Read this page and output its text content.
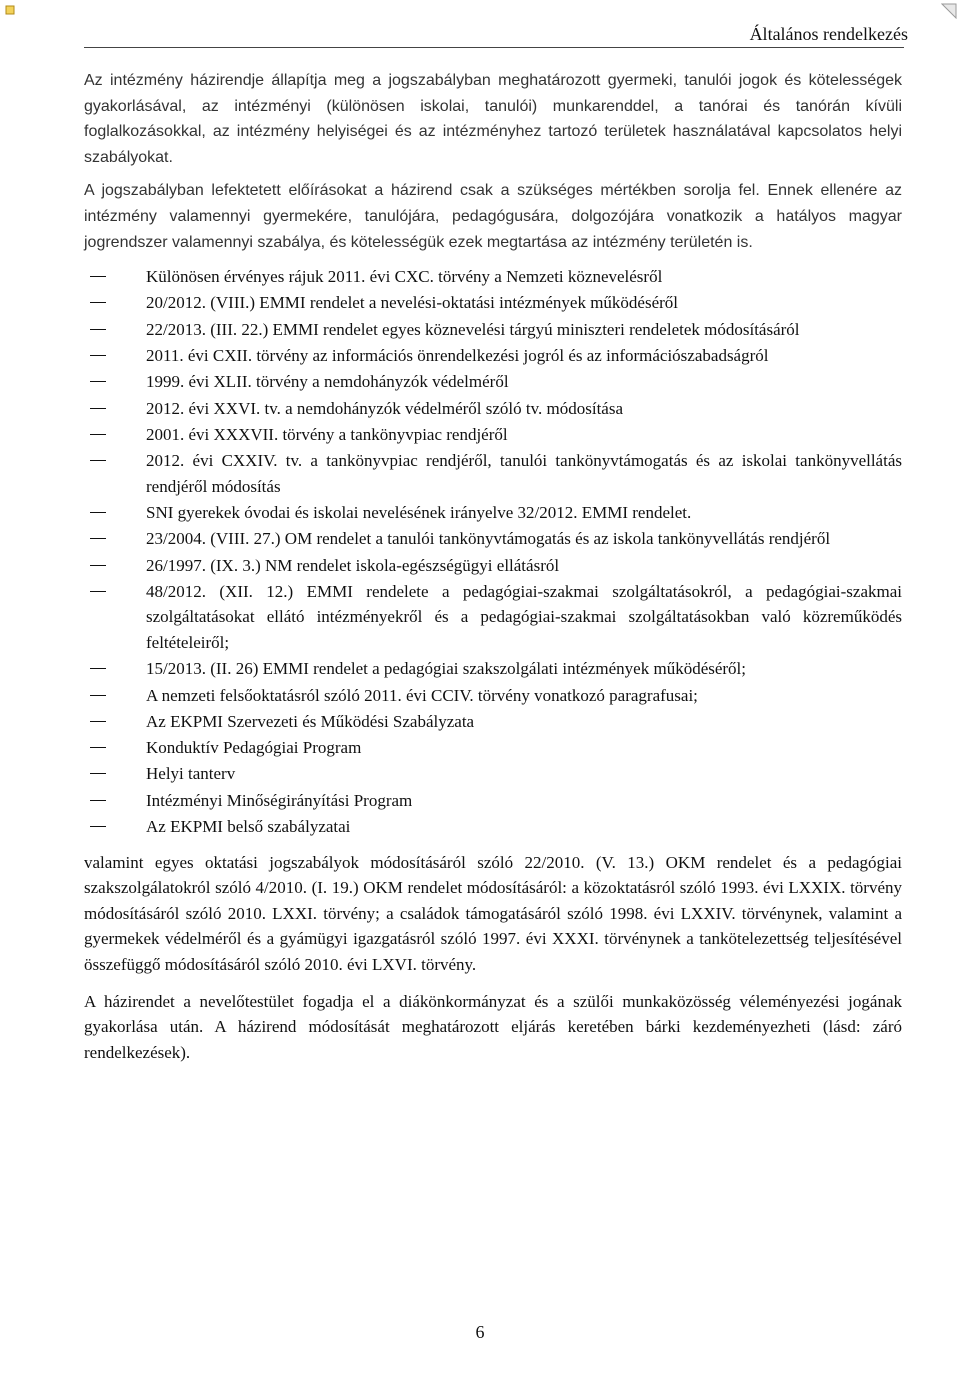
Általános rendelkezés

Az intézmény házirendje állapítja meg a jogszabályban meghatározott gyermeki, tanulói jogok és kötelességek gyakorlásával, az intézményi (különösen iskolai, tanulói) munkarenddel, a tanórai és tanórán kívüli foglalkozásokkal, az intézmény helyiségei és az intézményhez tartozó területek használatával kapcsolatos helyi szabályokat.

A jogszabályban lefektetett előírásokat a házirend csak a szükséges mértékben sorolja fel. Ennek ellenére az intézmény valamennyi gyermekére, tanulójára, pedagógusára, dolgozójára vonatkozik a hatályos magyar jogrendszer valamennyi szabálya, és kötelességük ezek megtartása az intézmény területén is.

Különösen érvényes rájuk 2011. évi CXC. törvény a Nemzeti köznevelésről
20/2012. (VIII.) EMMI rendelet a nevelési-oktatási intézmények működéséről
22/2013. (III. 22.) EMMI rendelet egyes köznevelési tárgyú miniszteri rendeletek módosításáról
2011. évi CXII. törvény az információs önrendelkezési jogról és az információszabadságról
1999. évi XLII. törvény a nemdohányzók védelméről
2012. évi XXVI. tv. a nemdohányzók védelméről szóló tv. módosítása
2001. évi XXXVII. törvény a tankönyvpiac rendjéről
2012. évi CXXIV. tv. a tankönyvpiac rendjéről, tanulói tankönyvtámogatás és az iskolai tankönyvellátás rendjéről módosítás
SNI gyerekek óvodai és iskolai nevelésének irányelve 32/2012. EMMI rendelet.
23/2004. (VIII. 27.) OM rendelet a tanulói tankönyvtámogatás és az iskola tankönyvellátás rendjéről
26/1997. (IX. 3.) NM rendelet iskola-egészségügyi ellátásról
48/2012. (XII. 12.) EMMI rendelete a pedagógiai-szakmai szolgáltatásokról, a pedagógiai-szakmai szolgáltatásokat ellátó intézményekről és a pedagógiai-szakmai szolgáltatásokban való közreműködés feltételeiről;
15/2013. (II. 26) EMMI rendelet a pedagógiai szakszolgálati intézmények működéséről;
A nemzeti felsőoktatásról szóló 2011. évi CCIV. törvény vonatkozó paragrafusai;
Az EKPMI Szervezeti és Működési Szabályzata
Konduktív Pedagógiai Program
Helyi tanterv
Intézményi Minőségirányítási Program
Az EKPMI belső szabályzatai

valamint egyes oktatási jogszabályok módosításáról szóló 22/2010. (V. 13.) OKM rendelet és a pedagógiai szakszolgálatokról szóló 4/2010. (I. 19.) OKM rendelet módosításáról: a közoktatásról szóló 1993. évi LXXIX. törvény módosításáról szóló 2010. LXXI. törvény; a családok támogatásáról szóló 1998. évi LXXIV. törvénynek, valamint a gyermekek védelméről és a gyámügyi igazgatásról szóló 1997. évi XXXI. törvénynek a tankötelezettség teljesítésével összefüggő módosításáról szóló 2010. évi LXVI. törvény.

A házirendet a nevelőtestület fogadja el a diákönkormányzat és a szülői munkaközösség véleményezési jogának gyakorlása után. A házirend módosítását meghatározott eljárás keretében bárki kezdeményezheti (lásd: záró rendelkezések).

6
